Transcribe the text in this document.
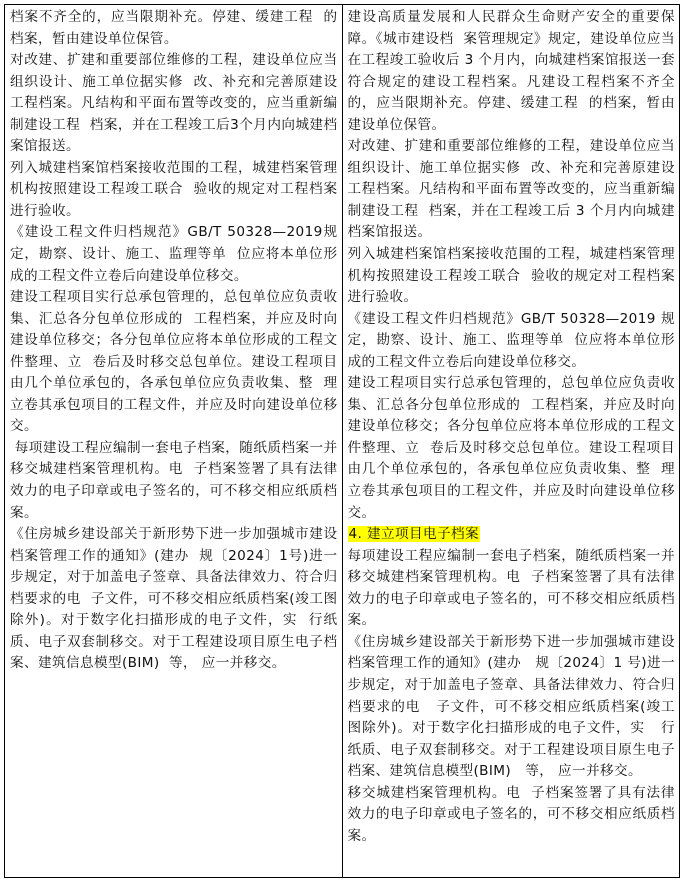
档案不齐全的，应当限期补充。停建、缓建工程  的档案，暂由建设单位保管。

对改建、扩建和重要部位维修的工程，建设单位应当组织设计、施工单位据实修  改、补充和完善原建设工程档案。凡结构和平面布置等改变的，应当重新编制建设工程  档案，并在工程竣工后3个月内向城建档案馆报送。

列入城建档案馆档案接收范围的工程，城建档案管理机构按照建设工程竣工联合  验收的规定对工程档案进行验收。

《建设工程文件归档规范》GB/T 50328—2019规定，勘察、设计、施工、监理等单  位应将本单位形成的工程文件立卷后向建设单位移交。

建设工程项目实行总承包管理的，总包单位应负责收集、汇总各分包单位形成的  工程档案，并应及时向建设单位移交；各分包单位应将本单位形成的工程文件整理、立  卷后及时移交总包单位。建设工程项目由几个单位承包的，各承包单位应负责收集、整  理立卷其承包项目的工程文件，并应及时向建设单位移交。

每项建设工程应编制一套电子档案，随纸质档案一并移交城建档案管理机构。电  子档案签署了具有法律效力的电子印章或电子签名的，可不移交相应纸质档案。

《住房城乡建设部关于新形势下进一步加强城市建设档案管理工作的通知》(建办  规〔2024〕1号)进一步规定，对于加盖电子签章、具备法律效力、符合归档要求的电  子文件，可不移交相应纸质档案(竣工图除外)。对于数字化扫描形成的电子文件，实  行纸质、电子双套制移交。对于工程建设项目原生电子档案、建筑信息模型(BIM)  等， 应一并移交。

建设高质量发展和人民群众生命财产安全的重要保障。《城市建设档  案管理规定》规定，建设单位应当在工程竣工验收后 3 个月内，向城建档案馆报送一套  符合规定的建设工程档案。凡建设工程档案不齐全的，应当限期补充。停建、缓建工程  的档案，暂由建设单位保管。

对改建、扩建和重要部位维修的工程，建设单位应当组织设计、施工单位据实修  改、补充和完善原建设工程档案。凡结构和平面布置等改变的，应当重新编制建设工程  档案，并在工程竣工后 3 个月内向城建档案馆报送。

列入城建档案馆档案接收范围的工程，城建档案管理机构按照建设工程竣工联合  验收的规定对工程档案进行验收。

《建设工程文件归档规范》GB/T 50328—2019 规定，勘察、设计、施工、监理等单  位应将本单位形成的工程文件立卷后向建设单位移交。

建设工程项目实行总承包管理的，总包单位应负责收集、汇总各分包单位形成的  工程档案，并应及时向建设单位移交；各分包单位应将本单位形成的工程文件整理、立  卷后及时移交总包单位。建设工程项目由几个单位承包的，各承包单位应负责收集、整  理立卷其承包项目的工程文件，并应及时向建设单位移交。

4. 建立项目电子档案

每项建设工程应编制一套电子档案，随纸质档案一并移交城建档案管理机构。电  子档案签署了具有法律效力的电子印章或电子签名的，可不移交相应纸质档案。

《住房城乡建设部关于新形势下进一步加强城市建设档案管理工作的通知》(建办   规〔2024〕1 号)进一步规定，对于加盖电子签章、具备法律效力、符合归档要求的电   子文件，可不移交相应纸质档案(竣工图除外)。对于数字化扫描形成的电子文件，实   行纸质、电子双套制移交。对于工程建设项目原生电子档案、建筑信息模型(BIM)   等， 应一并移交。

移交城建档案管理机构。电  子档案签署了具有法律效力的电子印章或电子签名的，可不移交相应纸质档案。
